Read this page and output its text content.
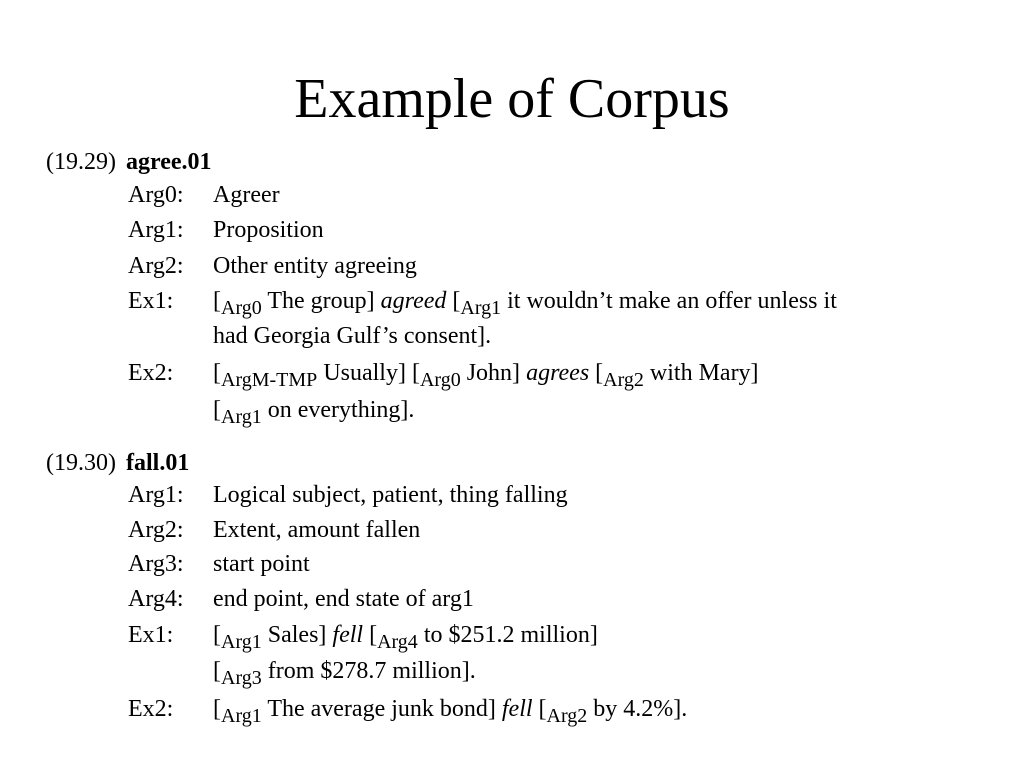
Example of Corpus
(19.29) agree.01
Arg0: Agreer
Arg1: Proposition
Arg2: Other entity agreeing
Ex1: [$_{Arg0}$ The group] agreed [$_{Arg1}$ it wouldn’t make an offer unless it
had Georgia Gulf’s consent].
Ex2: [$_{ArgM-TMP}$ Usually] [$_{Arg0}$ John] agrees [$_{Arg2}$ with Mary]
[$_{Arg1}$ on everything].
(19.30) fall.01
Arg1: Logical subject, patient, thing falling
Arg2: Extent, amount fallen
Arg3: start point
Arg4: end point, end state of arg1
Ex1: [$_{Arg1}$ Sales] fell [$_{Arg4}$ to $251.2 million]
[$_{Arg3}$ from $278.7 million].
Ex2: [$_{Arg1}$ The average junk bond] fell [$_{Arg2}$ by 4.2%].
